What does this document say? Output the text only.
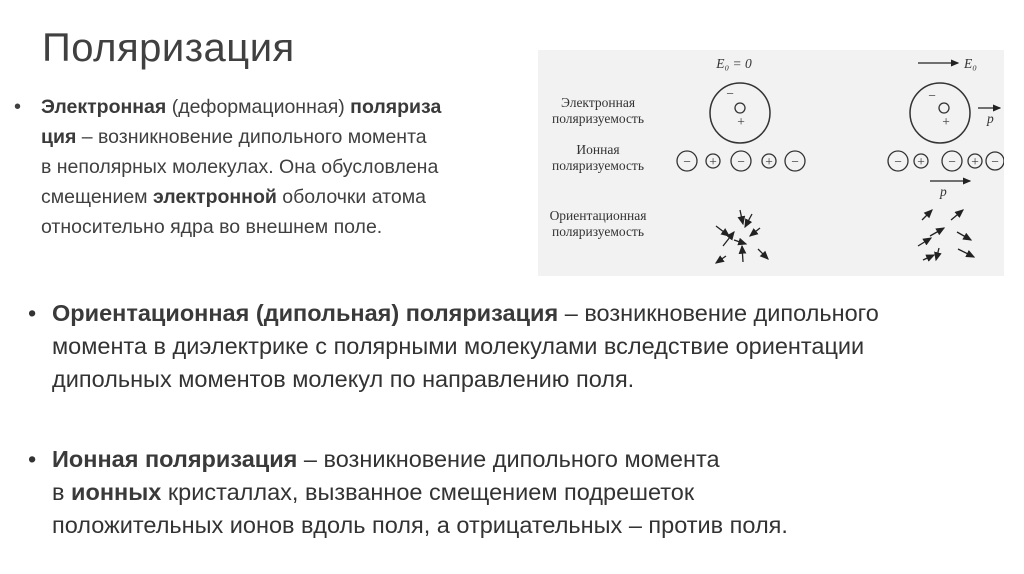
Поляризация
• Электронная (деформационная) поляриза
ция – возникновение дипольного момента
в неполярных молекулах. Она обусловлена
смещением электронной оболочки атома
относительно ядра во внешнем поле.
Электронная
поляризуемость
Ионная
поляризуемость
Ориентационная
поляризуемость
E₀ = 0	E₀
−
+
−
+	p
− + − + −	− + − + −
p
• Ориентационная (дипольная) поляризация – возникновение дипольного
момента в диэлектрике с полярными молекулами вследствие ориентации
дипольных моментов молекул по направлению поля.
• Ионная поляризация – возникновение дипольного момента
в ионных кристаллах, вызванное смещением подрешеток
положительных ионов вдоль поля, а отрицательных – против поля.
